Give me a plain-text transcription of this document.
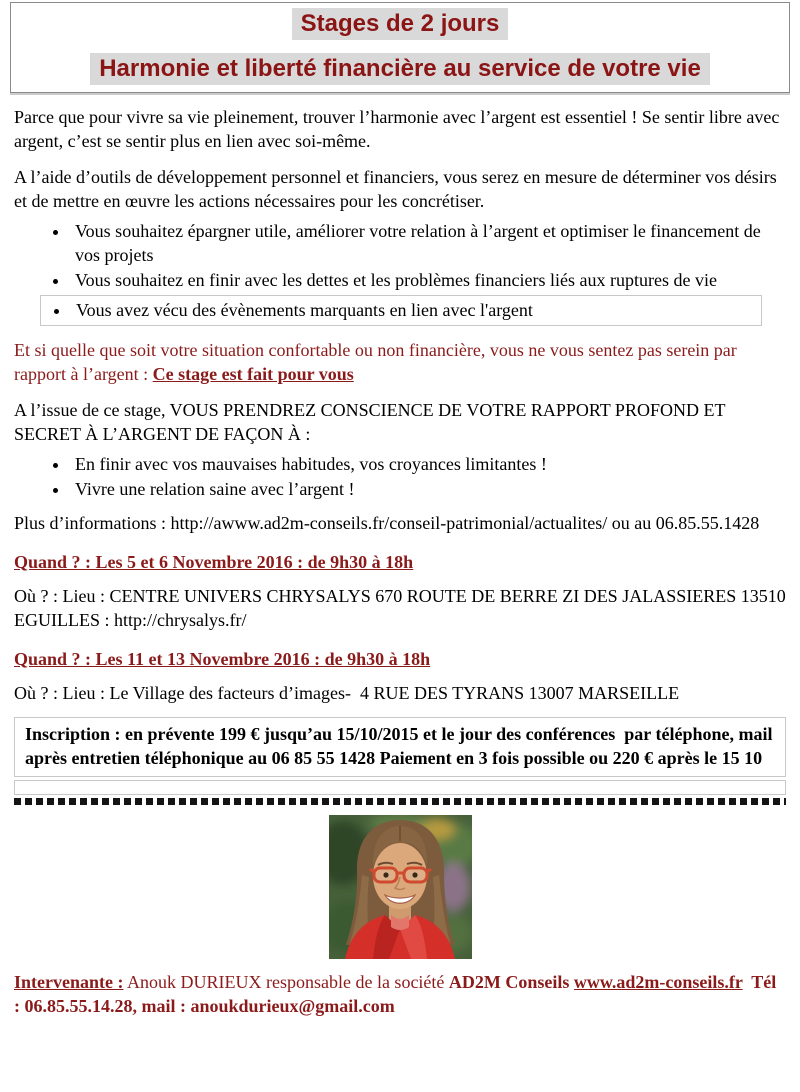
Stages de 2 jours
Harmonie et liberté financière au service de votre vie

Parce que pour vivre sa vie pleinement, trouver l’harmonie avec l’argent est essentiel ! Se sentir libre avec argent, c’est se sentir plus en lien avec soi-même.

A l’aide d’outils de développement personnel et financiers, vous serez en mesure de déterminer vos désirs et de mettre en œuvre les actions nécessaires pour les concrétiser.

• Vous souhaitez épargner utile, améliorer votre relation à l’argent et optimiser le financement de vos projets
• Vous souhaitez en finir avec les dettes et les problèmes financiers liés aux ruptures de vie
• Vous avez vécu des évènements marquants en lien avec l'argent

Et si quelle que soit votre situation confortable ou non financière, vous ne vous sentez pas serein par rapport à l’argent : Ce stage est fait pour vous

A l’issue de ce stage, VOUS PRENDREZ CONSCIENCE DE VOTRE RAPPORT PROFOND ET SECRET À L’ARGENT DE FAÇON À :

• En finir avec vos mauvaises habitudes, vos croyances limitantes !
• Vivre une relation saine avec l’argent !

Plus d’informations : http://awww.ad2m-conseils.fr/conseil-patrimonial/actualites/ ou au 06.85.55.1428

Quand ? : Les 5 et 6 Novembre 2016 : de 9h30 à 18h

Où ? : Lieu : CENTRE UNIVERS CHRYSALYS 670 ROUTE DE BERRE ZI DES JALASSIERES 13510 EGUILLES : http://chrysalys.fr/

Quand ? : Les 11 et 13 Novembre 2016 : de 9h30 à 18h

Où ? : Lieu : Le Village des facteurs d’images-  4 RUE DES TYRANS 13007 MARSEILLE

Inscription : en prévente 199 € jusqu’au 15/10/2015 et le jour des conférences  par téléphone, mail après entretien téléphonique au 06 85 55 1428 Paiement en 3 fois possible ou 220 € après le 15 10

Intervenante : Anouk DURIEUX responsable de la société AD2M Conseils www.ad2m-conseils.fr  Tél : 06.85.55.14.28, mail : anoukdurieux@gmail.com
